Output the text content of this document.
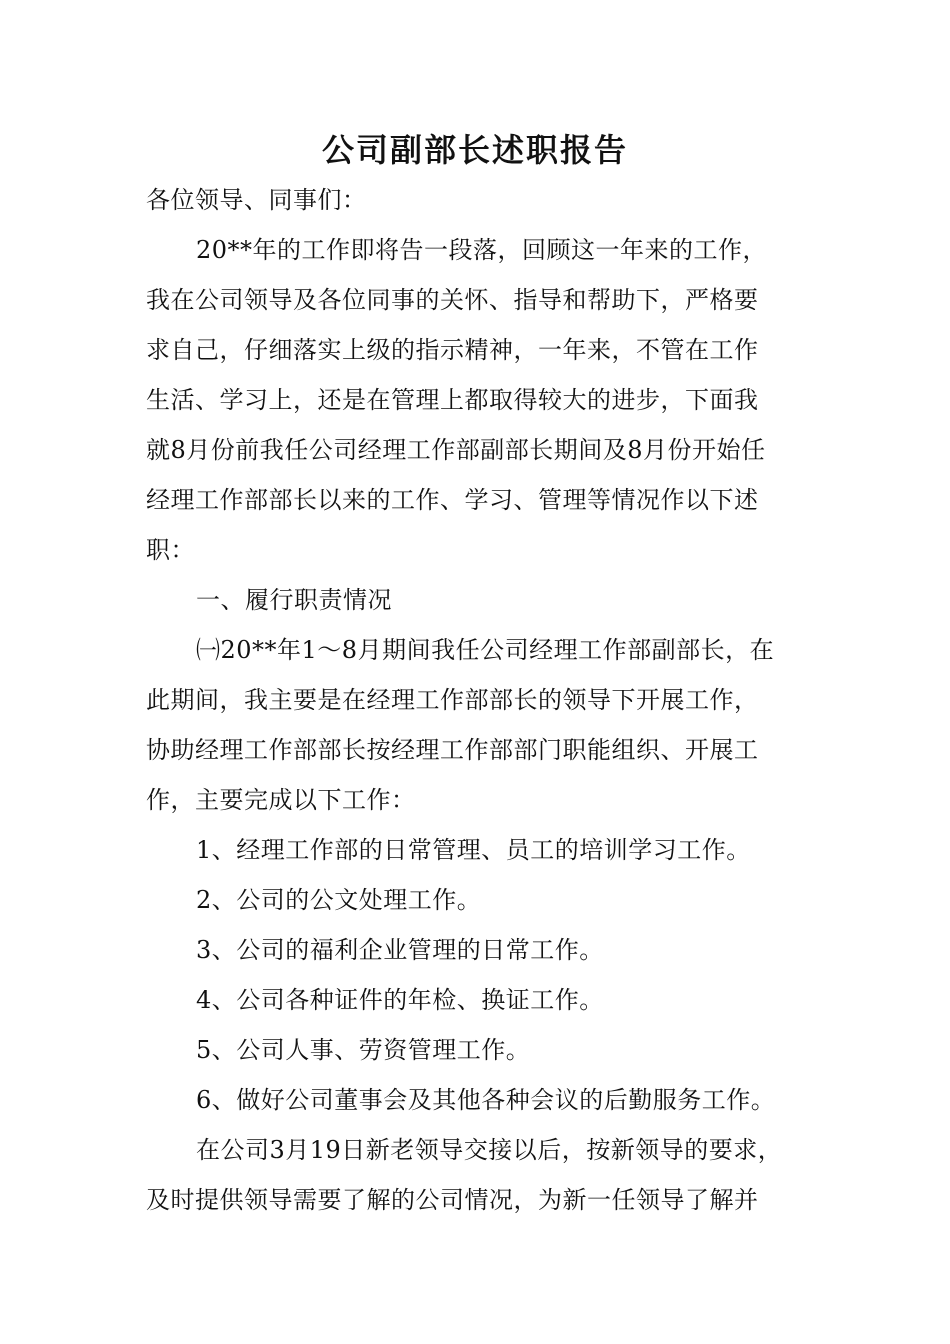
公司副部长述职报告
各位领导、同事们：
20**年的工作即将告一段落，回顾这一年来的工作，
我在公司领导及各位同事的关怀、指导和帮助下，严格要
求自己，仔细落实上级的指示精神，一年来，不管在工作
生活、学习上，还是在管理上都取得较大的进步，下面我
就8月份前我任公司经理工作部副部长期间及8月份开始任
经理工作部部长以来的工作、学习、管理等情况作以下述
职：
一、履行职责情况
㈠20**年1～8月期间我任公司经理工作部副部长，在
此期间，我主要是在经理工作部部长的领导下开展工作，
协助经理工作部部长按经理工作部部门职能组织、开展工
作，主要完成以下工作：
1、经理工作部的日常管理、员工的培训学习工作。
2、公司的公文处理工作。
3、公司的福利企业管理的日常工作。
4、公司各种证件的年检、换证工作。
5、公司人事、劳资管理工作。
6、做好公司董事会及其他各种会议的后勤服务工作。
在公司3月19日新老领导交接以后，按新领导的要求，
及时提供领导需要了解的公司情况，为新一任领导了解并
